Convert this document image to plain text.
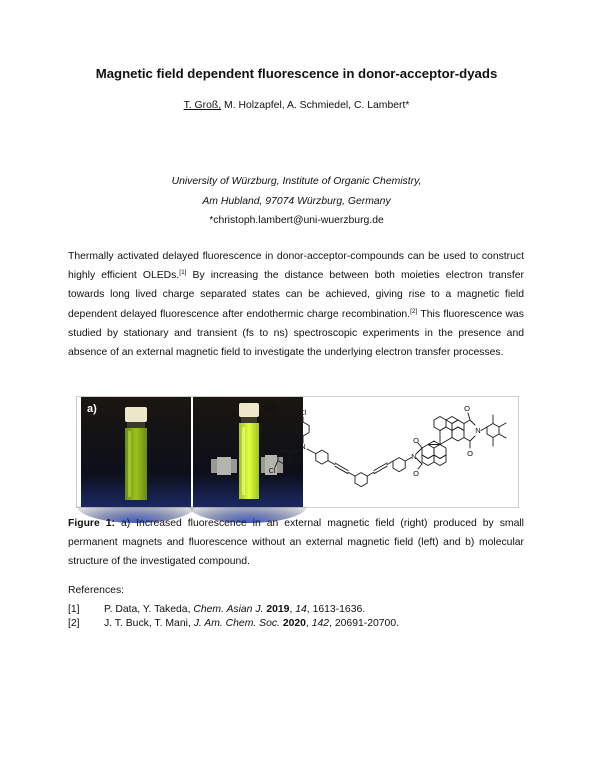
Magnetic field dependent fluorescence in donor-acceptor-dyads
T. Groß, M. Holzapfel, A. Schmiedel, C. Lambert*
University of Würzburg, Institute of Organic Chemistry,
Am Hubland, 97074 Würzburg, Germany
*christoph.lambert@uni-wuerzburg.de
Thermally activated delayed fluorescence in donor-acceptor-compounds can be used to construct highly efficient OLEDs.[1] By increasing the distance between both moieties electron transfer towards long lived charge separated states can be achieved, giving rise to a magnetic field dependent delayed fluorescence after endothermic charge recombination.[2] This fluorescence was studied by stationary and transient (fs to ns) spectroscopic experiments in the presence and absence of an external magnetic field to investigate the underlying electron transfer processes.
a)	b)	Cl
Cl
N
N
N
O
O
O
O
Figure 1: a) Increased fluorescence in an external magnetic field (right) produced by small permanent magnets and fluorescence without an external magnetic field (left) and b) molecular structure of the investigated compound.
References:
[1] P. Data, Y. Takeda, Chem. Asian J. 2019, 14, 1613-1636.
[2] J. T. Buck, T. Mani, J. Am. Chem. Soc. 2020, 142, 20691-20700.
